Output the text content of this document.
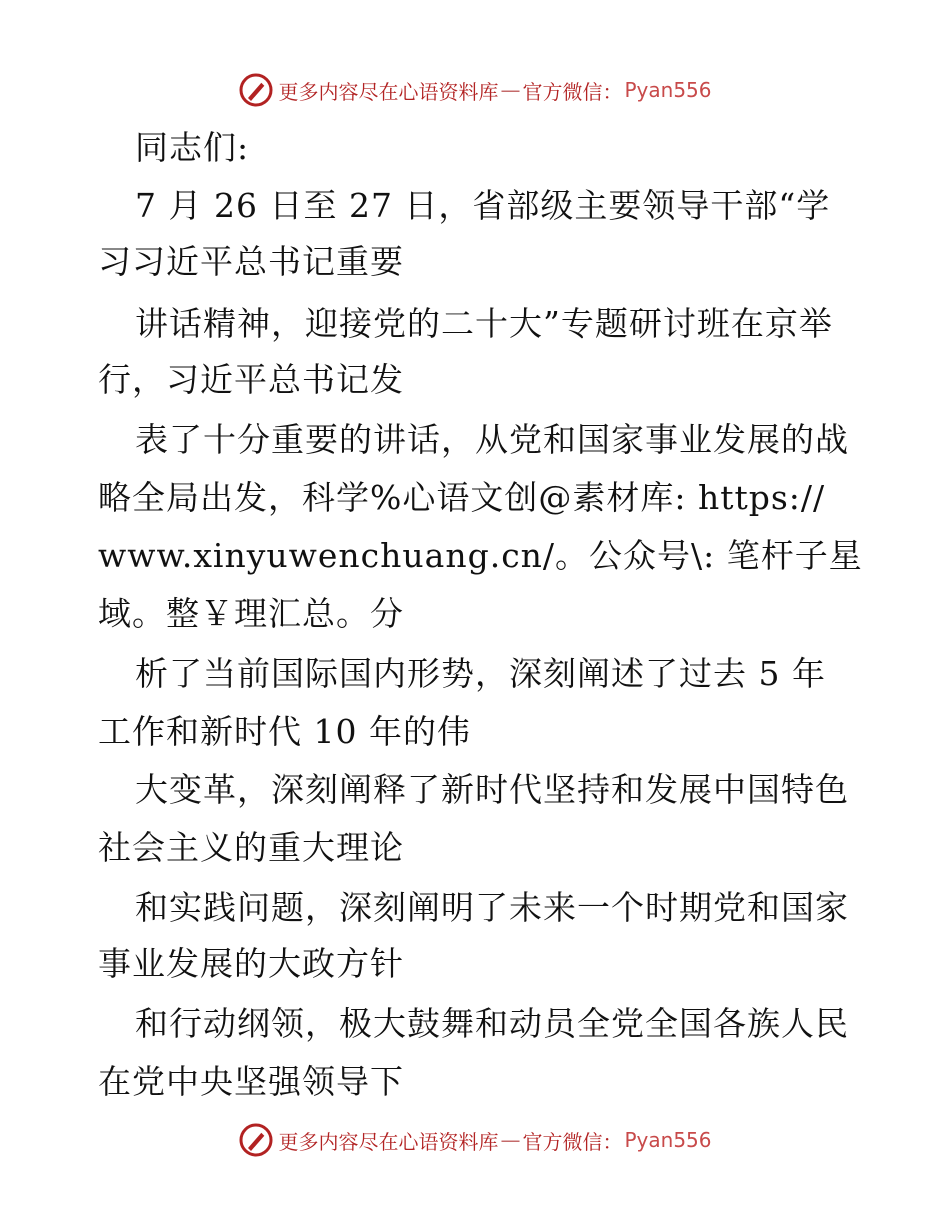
更多内容尽在心语资料库 — 官方微信： Pyan556

同志们:

7 月 26 日至 27 日，省部级主要领导干部“学

习习近平总书记重要

讲话精神，迎接党的二十大”专题研讨班在京举

行，习近平总书记发

表了十分重要的讲话，从党和国家事业发展的战

略全局出发，科学%心语文创@素材库: https://

www.xinyuwenchuang.cn/。公众号\: 笔杆子星

域。整￥理汇总。分

析了当前国际国内形势，深刻阐述了过去 5 年

工作和新时代 10 年的伟

大变革，深刻阐释了新时代坚持和发展中国特色

社会主义的重大理论

和实践问题，深刻阐明了未来一个时期党和国家

事业发展的大政方针

和行动纲领，极大鼓舞和动员全党全国各族人民

在党中央坚强领导下

更多内容尽在心语资料库 — 官方微信： Pyan556
